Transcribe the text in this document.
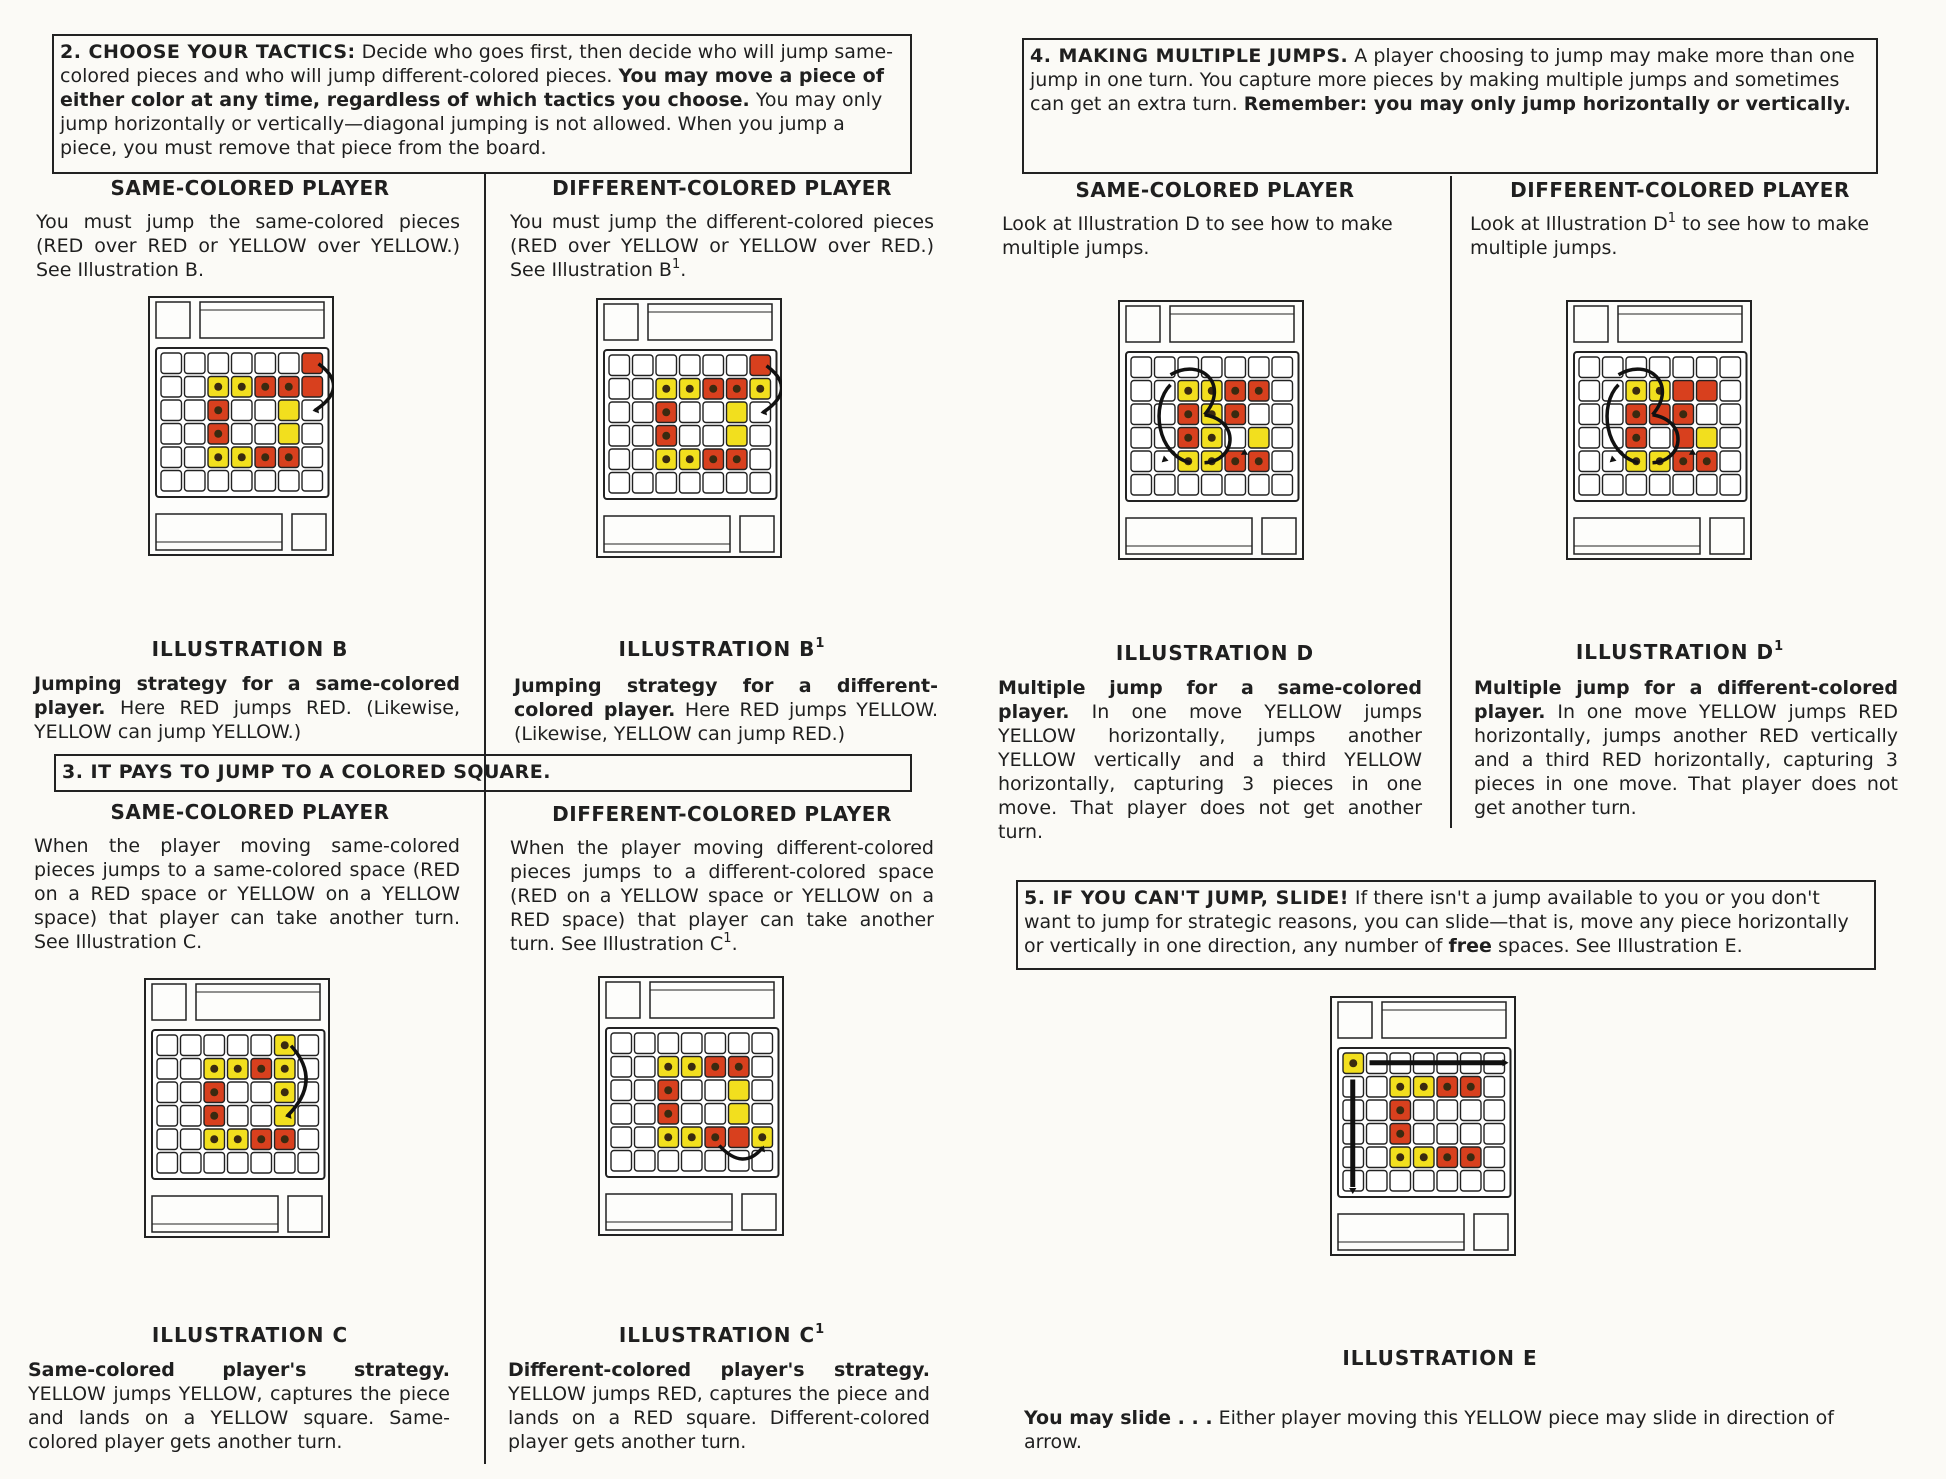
2. CHOOSE YOUR TACTICS: Decide who goes first, then decide who will jump same-colored pieces and who will jump different-colored pieces. You may move a piece of either color at any time, regardless of which tactics you choose. You may only jump horizontally or vertically—diagonal jumping is not allowed. When you jump a piece, you must remove that piece from the board.
SAME-COLORED PLAYER	DIFFERENT-COLORED PLAYER
You must jump the same-colored pieces (RED over RED or YELLOW over YELLOW.) See Illustration B.
You must jump the different-colored pieces (RED over YELLOW or YELLOW over RED.) See Illustration $B^1$.
ILLUSTRATION B	ILLUSTRATION $B^1$
Jumping strategy for a same-colored player. Here RED jumps RED. (Likewise, YELLOW can jump YELLOW.)
Jumping strategy for a different-colored player. Here RED jumps YELLOW. (Likewise, YELLOW can jump RED.)
3. IT PAYS TO JUMP TO A COLORED SQUARE.
SAME-COLORED PLAYER	DIFFERENT-COLORED PLAYER
When the player moving same-colored pieces jumps to a same-colored space (RED on a RED space or YELLOW on a YELLOW space) that player can take another turn. See Illustration C.
When the player moving different-colored pieces jumps to a different-colored space (RED on a YELLOW space or YELLOW on a RED space) that player can take another turn. See Illustration $C^1$.
ILLUSTRATION C	ILLUSTRATION $C^1$
Same-colored player's strategy. YELLOW jumps YELLOW, captures the piece and lands on a YELLOW square. Same-colored player gets another turn.
Different-colored player's strategy. YELLOW jumps RED, captures the piece and lands on a RED square. Different-colored player gets another turn.
4. MAKING MULTIPLE JUMPS. A player choosing to jump may make more than one jump in one turn. You capture more pieces by making multiple jumps and sometimes can get an extra turn. Remember: you may only jump horizontally or vertically.
SAME-COLORED PLAYER	DIFFERENT-COLORED PLAYER
Look at Illustration D to see how to make multiple jumps.
Look at Illustration $D^1$ to see how to make multiple jumps.
ILLUSTRATION D	ILLUSTRATION $D^1$
Multiple jump for a same-colored player. In one move YELLOW jumps YELLOW horizontally, jumps another YELLOW vertically and a third YELLOW horizontally, capturing 3 pieces in one move. That player does not get another turn.
Multiple jump for a different-colored player. In one move YELLOW jumps RED horizontally, jumps another RED vertically and a third RED horizontally, capturing 3 pieces in one move. That player does not get another turn.
5. IF YOU CAN'T JUMP, SLIDE! If there isn't a jump available to you or you don't want to jump for strategic reasons, you can slide—that is, move any piece horizontally or vertically in one direction, any number of free spaces. See Illustration E.
ILLUSTRATION E
You may slide . . . Either player moving this YELLOW piece may slide in direction of arrow.
